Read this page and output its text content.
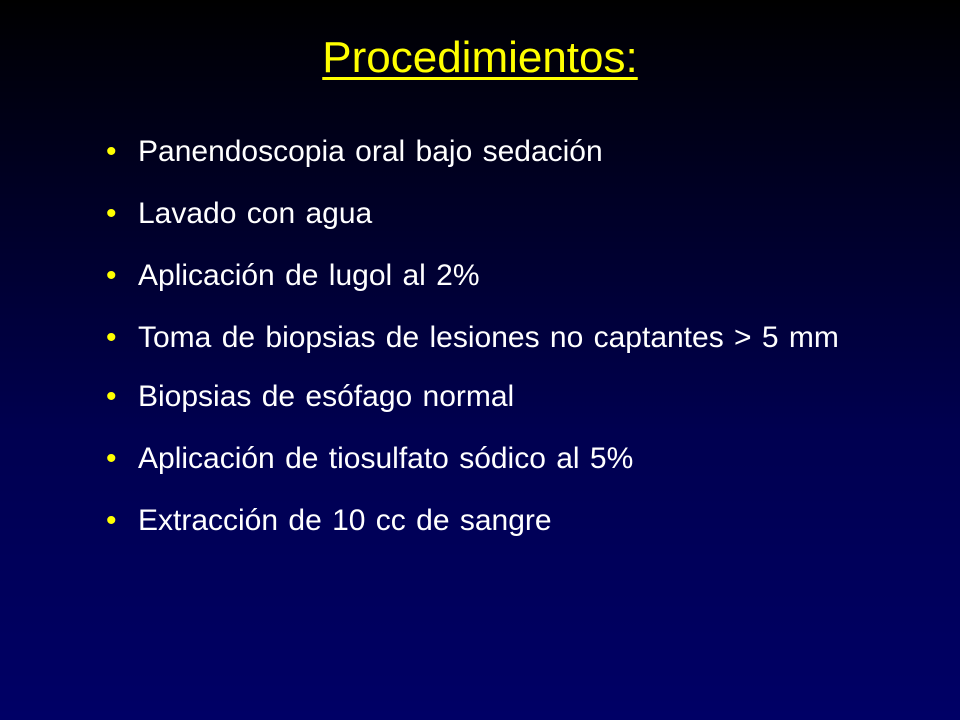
Procedimientos:
• Panendoscopia oral bajo sedación
• Lavado con agua
• Aplicación de lugol al 2%
• Toma de biopsias de lesiones no captantes > 5 mm
• Biopsias de esófago normal
• Aplicación de tiosulfato sódico al 5%
• Extracción de 10 cc de sangre
